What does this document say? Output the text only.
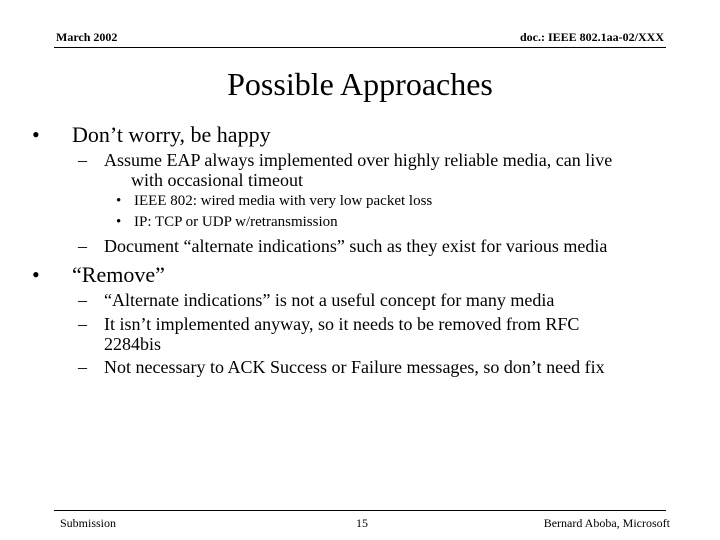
March 2002	doc.: IEEE 802.1aa-02/XXX
Possible Approaches
• Don’t worry, be happy
– Assume EAP always implemented over highly reliable media, can live
with occasional timeout
• IEEE 802: wired media with very low packet loss
• IP: TCP or UDP w/retransmission
– Document “alternate indications” such as they exist for various media
• “Remove”
– “Alternate indications” is not a useful concept for many media
– It isn’t implemented anyway, so it needs to be removed from RFC
2284bis
– Not necessary to ACK Success or Failure messages, so don’t need fix
Submission	15	Bernard Aboba, Microsoft
